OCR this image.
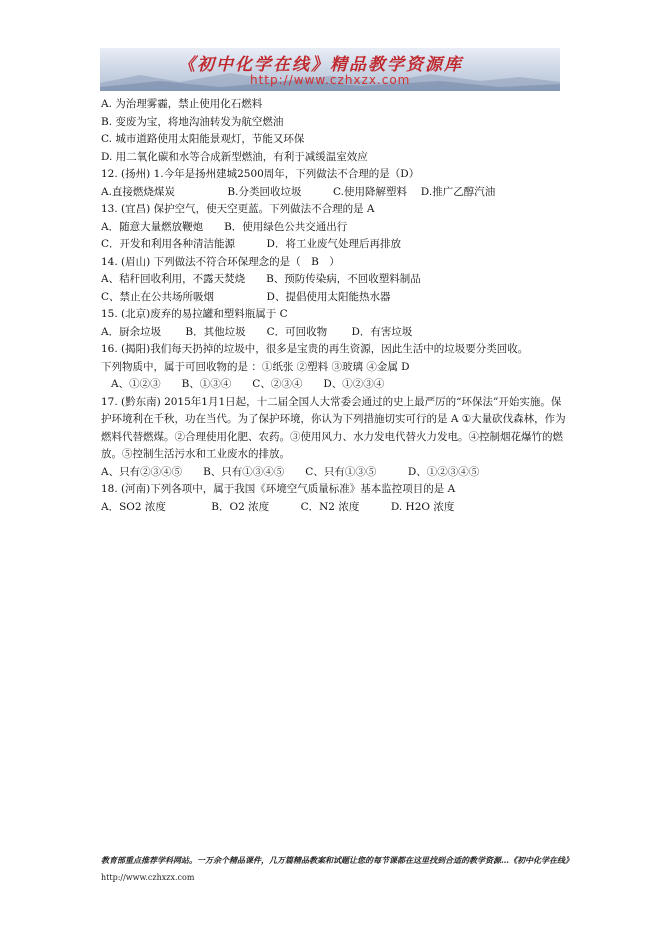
《初中化学在线》精品教学资源库
http://www.czhxzx.com
A. 为治理雾霾，禁止使用化石燃料
B. 变废为宝，将地沟油转发为航空燃油
C. 城市道路使用太阳能景观灯，节能又环保
D. 用二氧化碳和水等合成新型燃油，有利于减缓温室效应
12. (扬州) 1.今年是扬州建城2500周年，下列做法不合理的是（D）
A.直接燃烧煤炭　　　　　B.分类回收垃圾　　　C.使用降解塑料　 D.推广乙醇汽油
13. (宜昌) 保护空气，使天空更蓝。下列做法不合理的是 A
A．随意大量燃放鞭炮　　B．使用绿色公共交通出行
C．开发和利用各种清洁能源　　　D．将工业废气处理后再排放
14. (眉山) 下列做法不符合环保理念的是（　B　）
A、秸秆回收利用，不露天焚烧　　B、预防传染病，不回收塑料制品
C、禁止在公共场所吸烟　　　　　D、提倡使用太阳能热水器
15. (北京)废弃的易拉罐和塑料瓶属于 C
A．厨余垃圾　　 B．其他垃圾　　C．可回收物　　 D．有害垃圾
16. (揭阳)我们每天扔掉的垃圾中，很多是宝贵的再生资源，因此生活中的垃圾要分类回收。
下列物质中，属于可回收物的是 ：①纸张 ②塑料 ③玻璃 ④金属 D
A、①②③　　B、①③④　　C、②③④　　D、①②③④
17. (黔东南) 2015年1月1日起，十二届全国人大常委会通过的史上最严厉的“环保法”开始实施。保护环境利在千秋，功在当代。为了保护环境，你认为下列措施切实可行的是 A ①大量砍伐森林，作为燃料代替燃煤。②合理使用化肥、农药。③使用风力、水力发电代替火力发电。④控制烟花爆竹的燃放。⑤控制生活污水和工业废水的排放。
A、只有②③④⑤　　B、只有①③④⑤　　C、只有①③⑤　　　D、①②③④⑤
18. (河南)下列各项中，属于我国《环境空气质量标准》基本监控项目的是 A
A．SO2 浓度　　　　 B．O2 浓度　　　C．N2 浓度　　　D. H2O 浓度
教育部重点推荐学科网站。一万余个精品课件，几万篇精品教案和试题让您的每节课都在这里找到合适的教学资源…《初中化学在线》http://www.czhxzx.com
